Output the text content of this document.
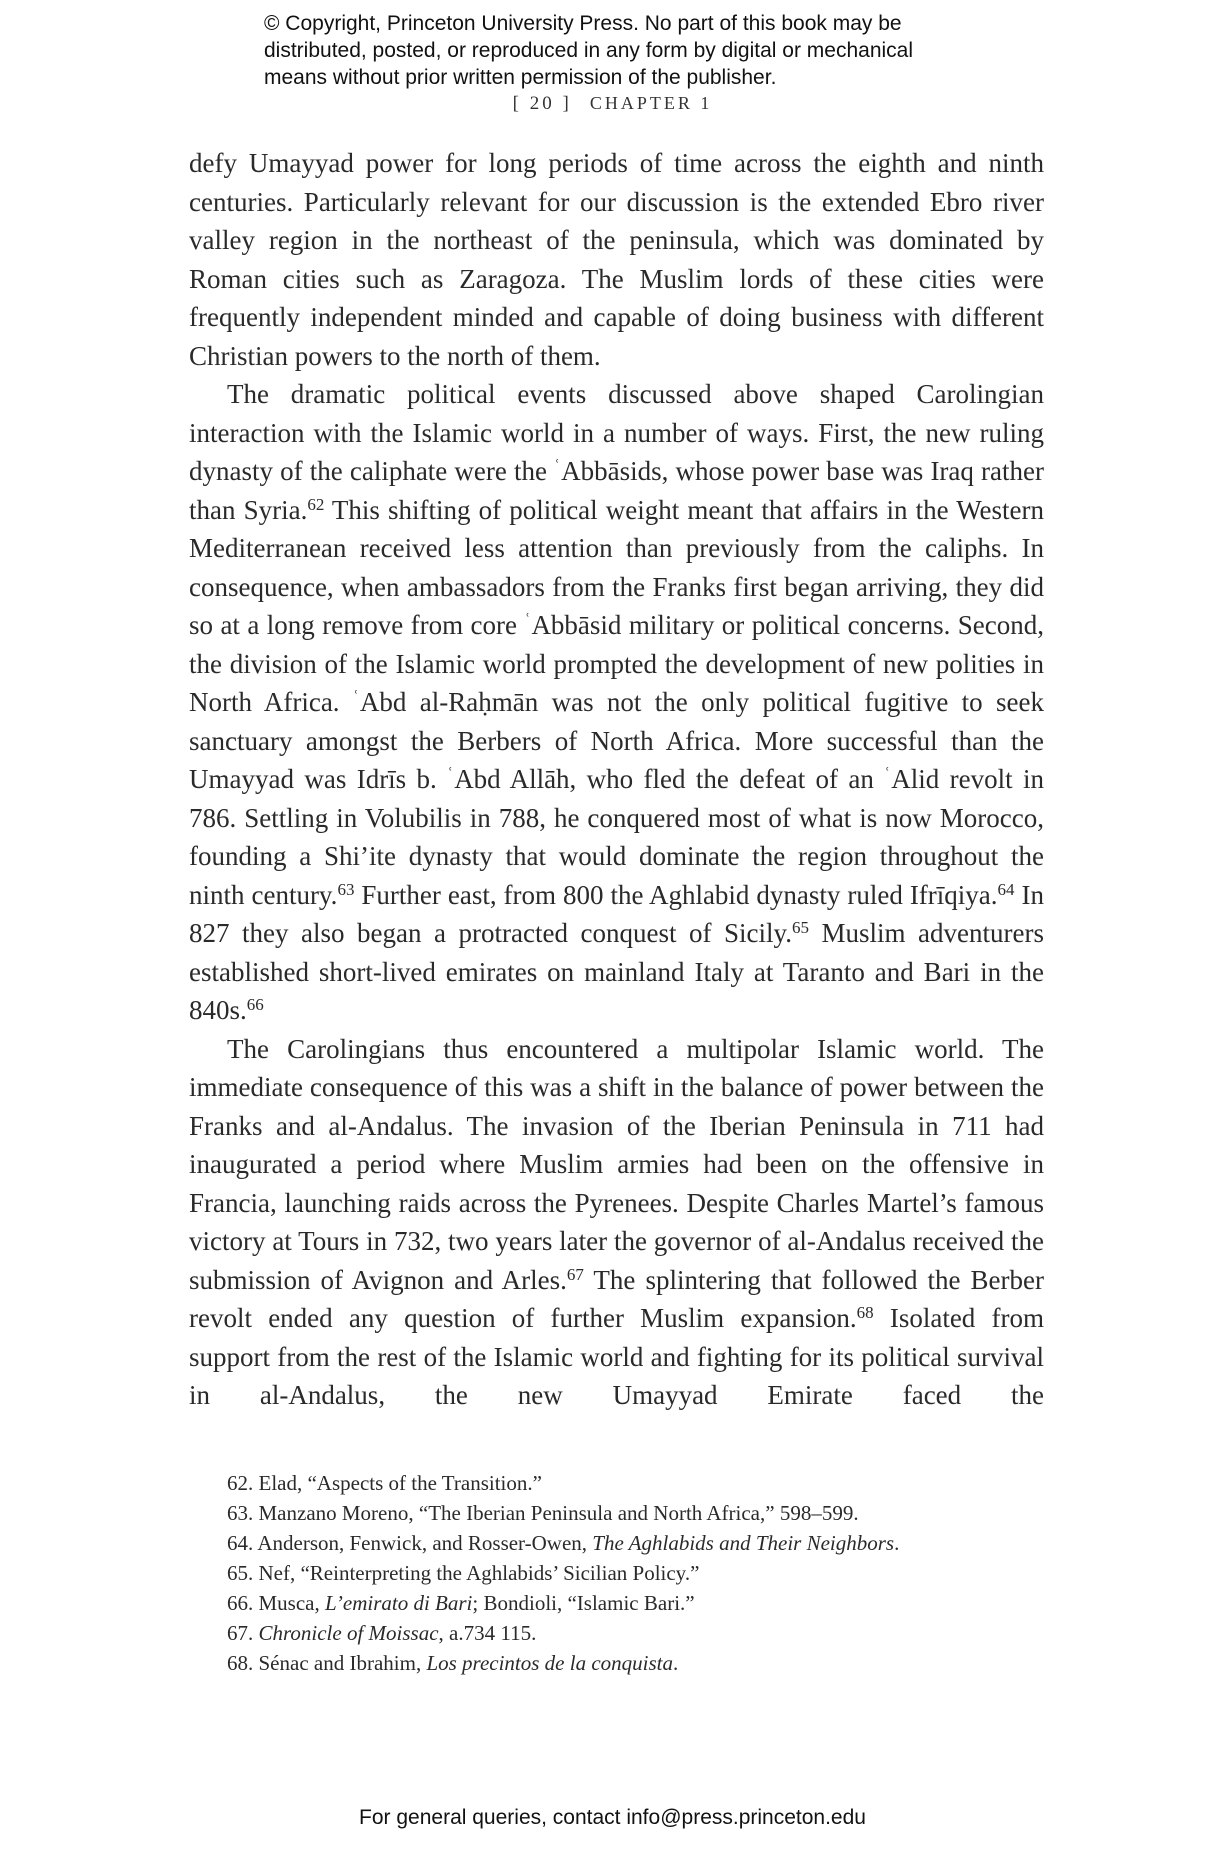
© Copyright, Princeton University Press. No part of this book may be
distributed, posted, or reproduced in any form by digital or mechanical
means without prior written permission of the publisher.
[ 20 ] CHAPTER 1

defy Umayyad power for long periods of time across the eighth and ninth centuries. Particularly relevant for our discussion is the extended Ebro river valley region in the northeast of the peninsula, which was dominated by Roman cities such as Zaragoza. The Muslim lords of these cities were frequently independent minded and capable of doing business with different Christian powers to the north of them.

The dramatic political events discussed above shaped Carolingian interaction with the Islamic world in a number of ways. First, the new ruling dynasty of the caliphate were the $^ʿ$Abbāsids, whose power base was Iraq rather than Syria.$^{62}$ This shifting of political weight meant that affairs in the Western Mediterranean received less attention than previously from the caliphs. In consequence, when ambassadors from the Franks first began arriving, they did so at a long remove from core $^ʿ$Abbāsid military or political concerns. Second, the division of the Islamic world prompted the development of new polities in North Africa. $^ʿ$Abd al-Raḥmān was not the only political fugitive to seek sanctuary amongst the Berbers of North Africa. More successful than the Umayyad was Idrīs b. $^ʿ$Abd Allāh, who fled the defeat of an $^ʿ$Alid revolt in 786. Settling in Volubilis in 788, he conquered most of what is now Morocco, founding a Shi’ite dynasty that would dominate the region throughout the ninth century.$^{63}$ Further east, from 800 the Aghlabid dynasty ruled Ifrīqiya.$^{64}$ In 827 they also began a protracted conquest of Sicily.$^{65}$ Muslim adventurers established short-lived emirates on mainland Italy at Taranto and Bari in the 840s.$^{66}$

The Carolingians thus encountered a multipolar Islamic world. The immediate consequence of this was a shift in the balance of power between the Franks and al-Andalus. The invasion of the Iberian Peninsula in 711 had inaugurated a period where Muslim armies had been on the offensive in Francia, launching raids across the Pyrenees. Despite Charles Martel’s famous victory at Tours in 732, two years later the governor of al-Andalus received the submission of Avignon and Arles.$^{67}$ The splintering that followed the Berber revolt ended any question of further Muslim expansion.$^{68}$ Isolated from support from the rest of the Islamic world and fighting for its political survival in al-Andalus, the new Umayyad Emirate faced the

62. Elad, “Aspects of the Transition.”

63. Manzano Moreno, “The Iberian Peninsula and North Africa,” 598–599.

64. Anderson, Fenwick, and Rosser-Owen, The Aghlabids and Their Neighbors.

65. Nef, “Reinterpreting the Aghlabids’ Sicilian Policy.”

66. Musca, L’emirato di Bari; Bondioli, “Islamic Bari.”

67. Chronicle of Moissac, a.734 115.

68. Sénac and Ibrahim, Los precintos de la conquista.

For general queries, contact info@press.princeton.edu
